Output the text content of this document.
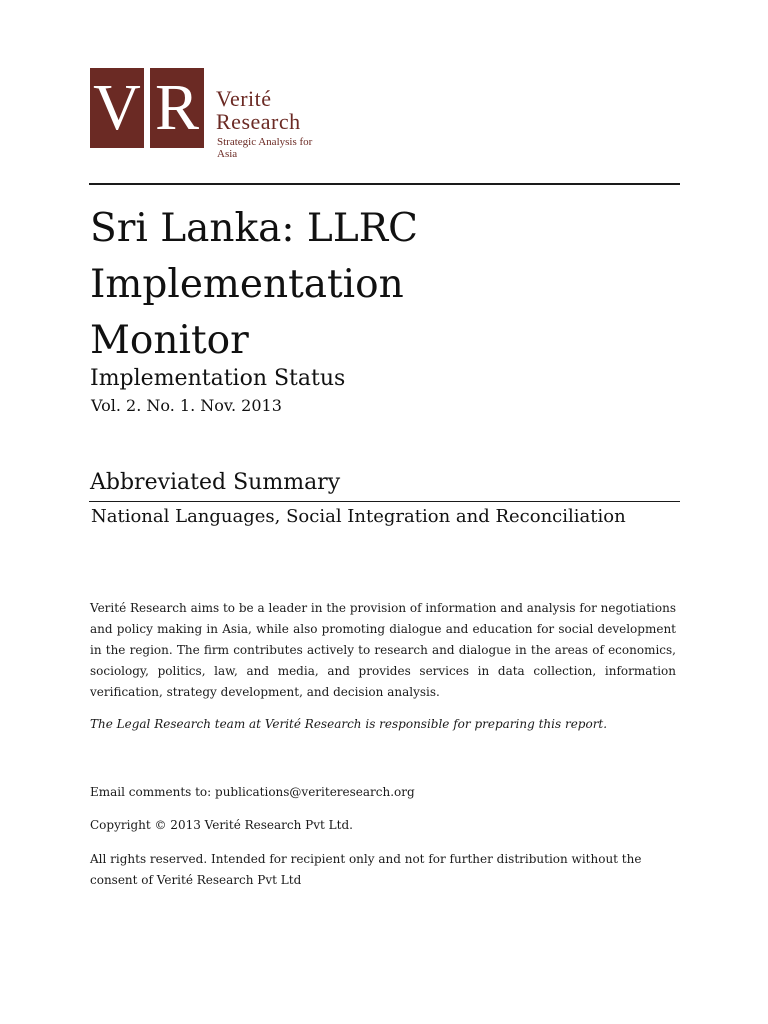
V R Verité
Research
Strategic Analysis for Asia
Sri Lanka: LLRC
Implementation
Monitor
Implementation Status
Vol. 2. No. 1. Nov. 2013
Abbreviated Summary
National Languages, Social Integration and Reconciliation

Verité Research aims to be a leader in the provision of information and analysis for negotiations and policy making in Asia, while also promoting dialogue and education for social development in the region. The firm contributes actively to research and dialogue in the areas of economics, sociology, politics, law, and media, and provides services in data collection, information verification, strategy development, and decision analysis.

The Legal Research team at Verité Research is responsible for preparing this report.

Email comments to: publications@veriteresearch.org

Copyright © 2013 Verité Research Pvt Ltd.

All rights reserved. Intended for recipient only and not for further distribution without the consent of Verité Research Pvt Ltd
